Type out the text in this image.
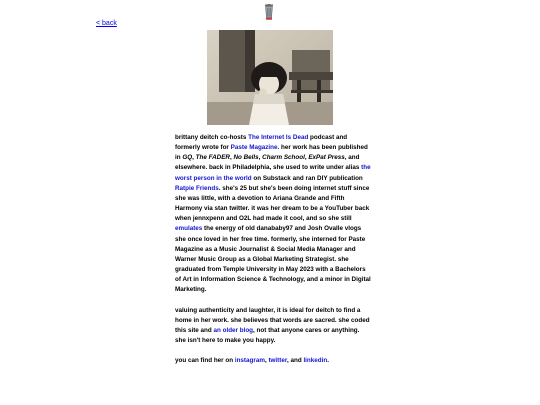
< back

brittany deitch co-hosts The Internet Is Dead podcast and formerly wrote for Paste Magazine. her work has been published in GQ, The FADER, No Bells, Charm School, ExPat Press, and elsewhere. back in Philadelphia, she used to write under alias the worst person in the world on Substack and ran DIY publication Ratpie Friends. she's 25 but she's been doing internet stuff since she was little, with a devotion to Ariana Grande and Fifth Harmony via stan twitter. it was her dream to be a YouTuber back when jennxpenn and O2L had made it cool, and so she still emulates the energy of old danababy97 and Josh Ovalle vlogs she once loved in her free time. formerly, she interned for Paste Magazine as a Music Journalist & Social Media Manager and Warner Music Group as a Global Marketing Strategist. she graduated from Temple University in May 2023 with a Bachelors of Art in Information Science & Technology, and a minor in Digital Marketing.

valuing authenticity and laughter, it is ideal for deitch to find a home in her work. she believes that words are sacred. she coded this site and an older blog, not that anyone cares or anything. she isn't here to make you happy.

you can find her on instagram, twitter, and linkedin.
